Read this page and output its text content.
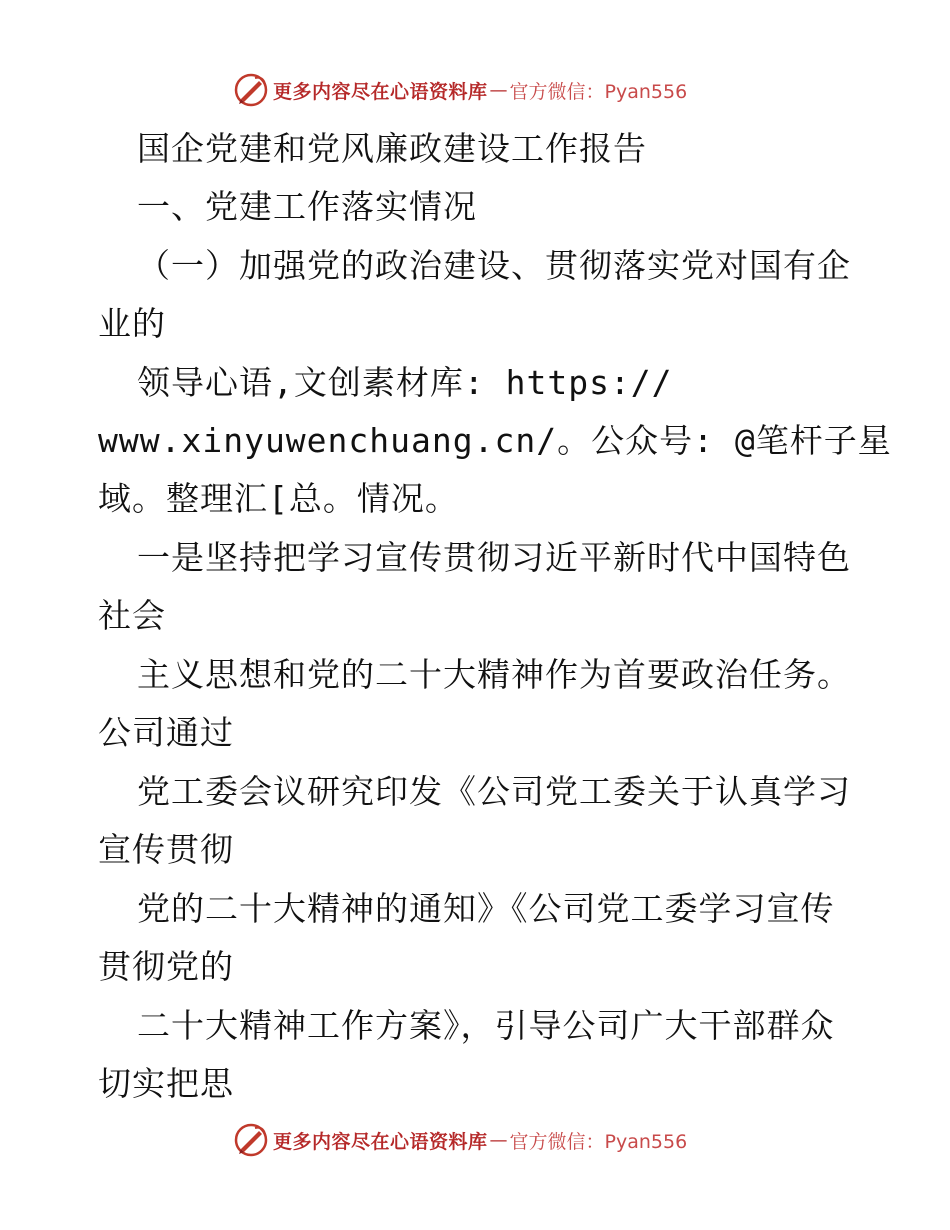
更多内容尽在心语资料库 — 官方微信：Pyan556
国企党建和党风廉政建设工作报告
一、党建工作落实情况
（一）加强党的政治建设、贯彻落实党对国有企
业的
领导心语,文创素材库: https://
www.xinyuwenchuang.cn/。公众号: @笔杆子星
域。整理汇[总。情况。
一是坚持把学习宣传贯彻习近平新时代中国特色
社会
主义思想和党的二十大精神作为首要政治任务。
公司通过
党工委会议研究印发《公司党工委关于认真学习
宣传贯彻
党的二十大精神的通知》《公司党工委学习宣传
贯彻党的
二十大精神工作方案》，引导公司广大干部群众
切实把思
更多内容尽在心语资料库 — 官方微信：Pyan556
